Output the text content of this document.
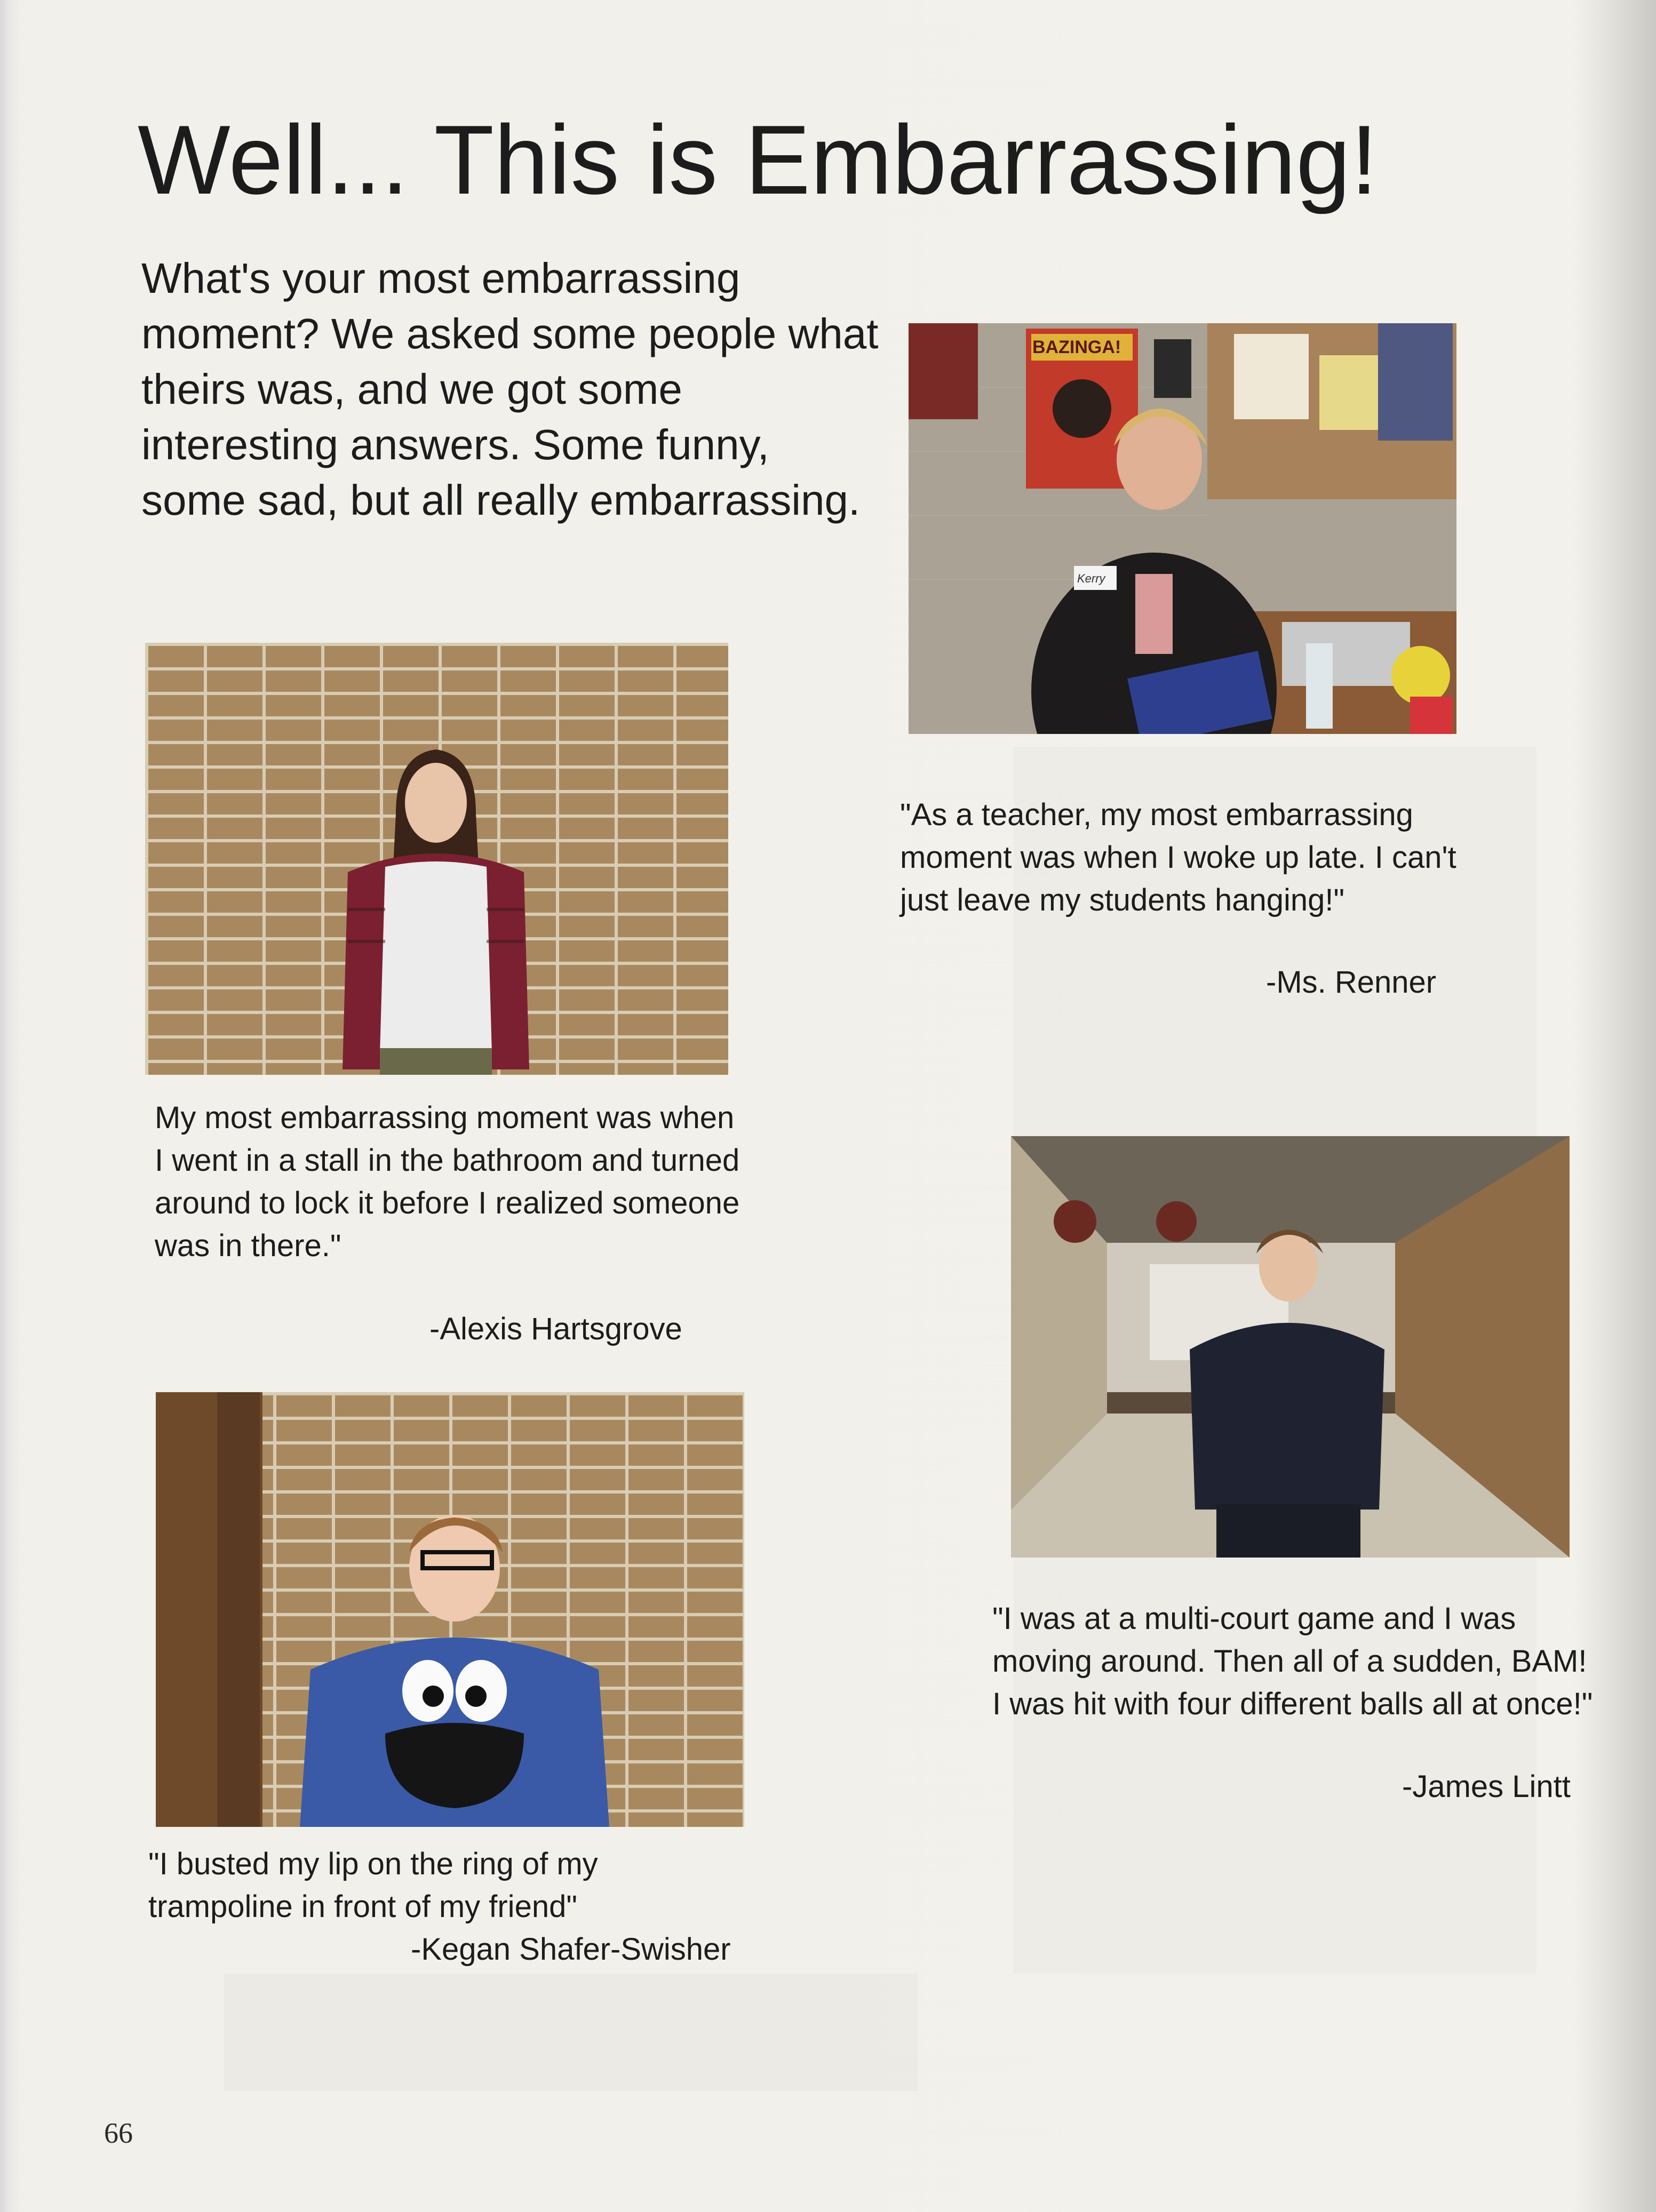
Well... This is Embarrassing!

What's your most embarrassing moment? We asked some people what theirs was, and we got some interesting answers. Some funny, some sad, but all really embarrassing.

BAZINGA!
Kerry

"As a teacher, my most embarrassing moment was when I woke up late. I can't just leave my students hanging!"

-Ms. Renner

My most embarrassing moment was when I went in a stall in the bathroom and turned around to lock it before I realized someone was in there."

-Alexis Hartsgrove

"I was at a multi-court game and I was moving around. Then all of a sudden, BAM! I was hit with four different balls all at once!"

-James Lintt

"I busted my lip on the ring of my trampoline in front of my friend"

-Kegan Shafer-Swisher
66
